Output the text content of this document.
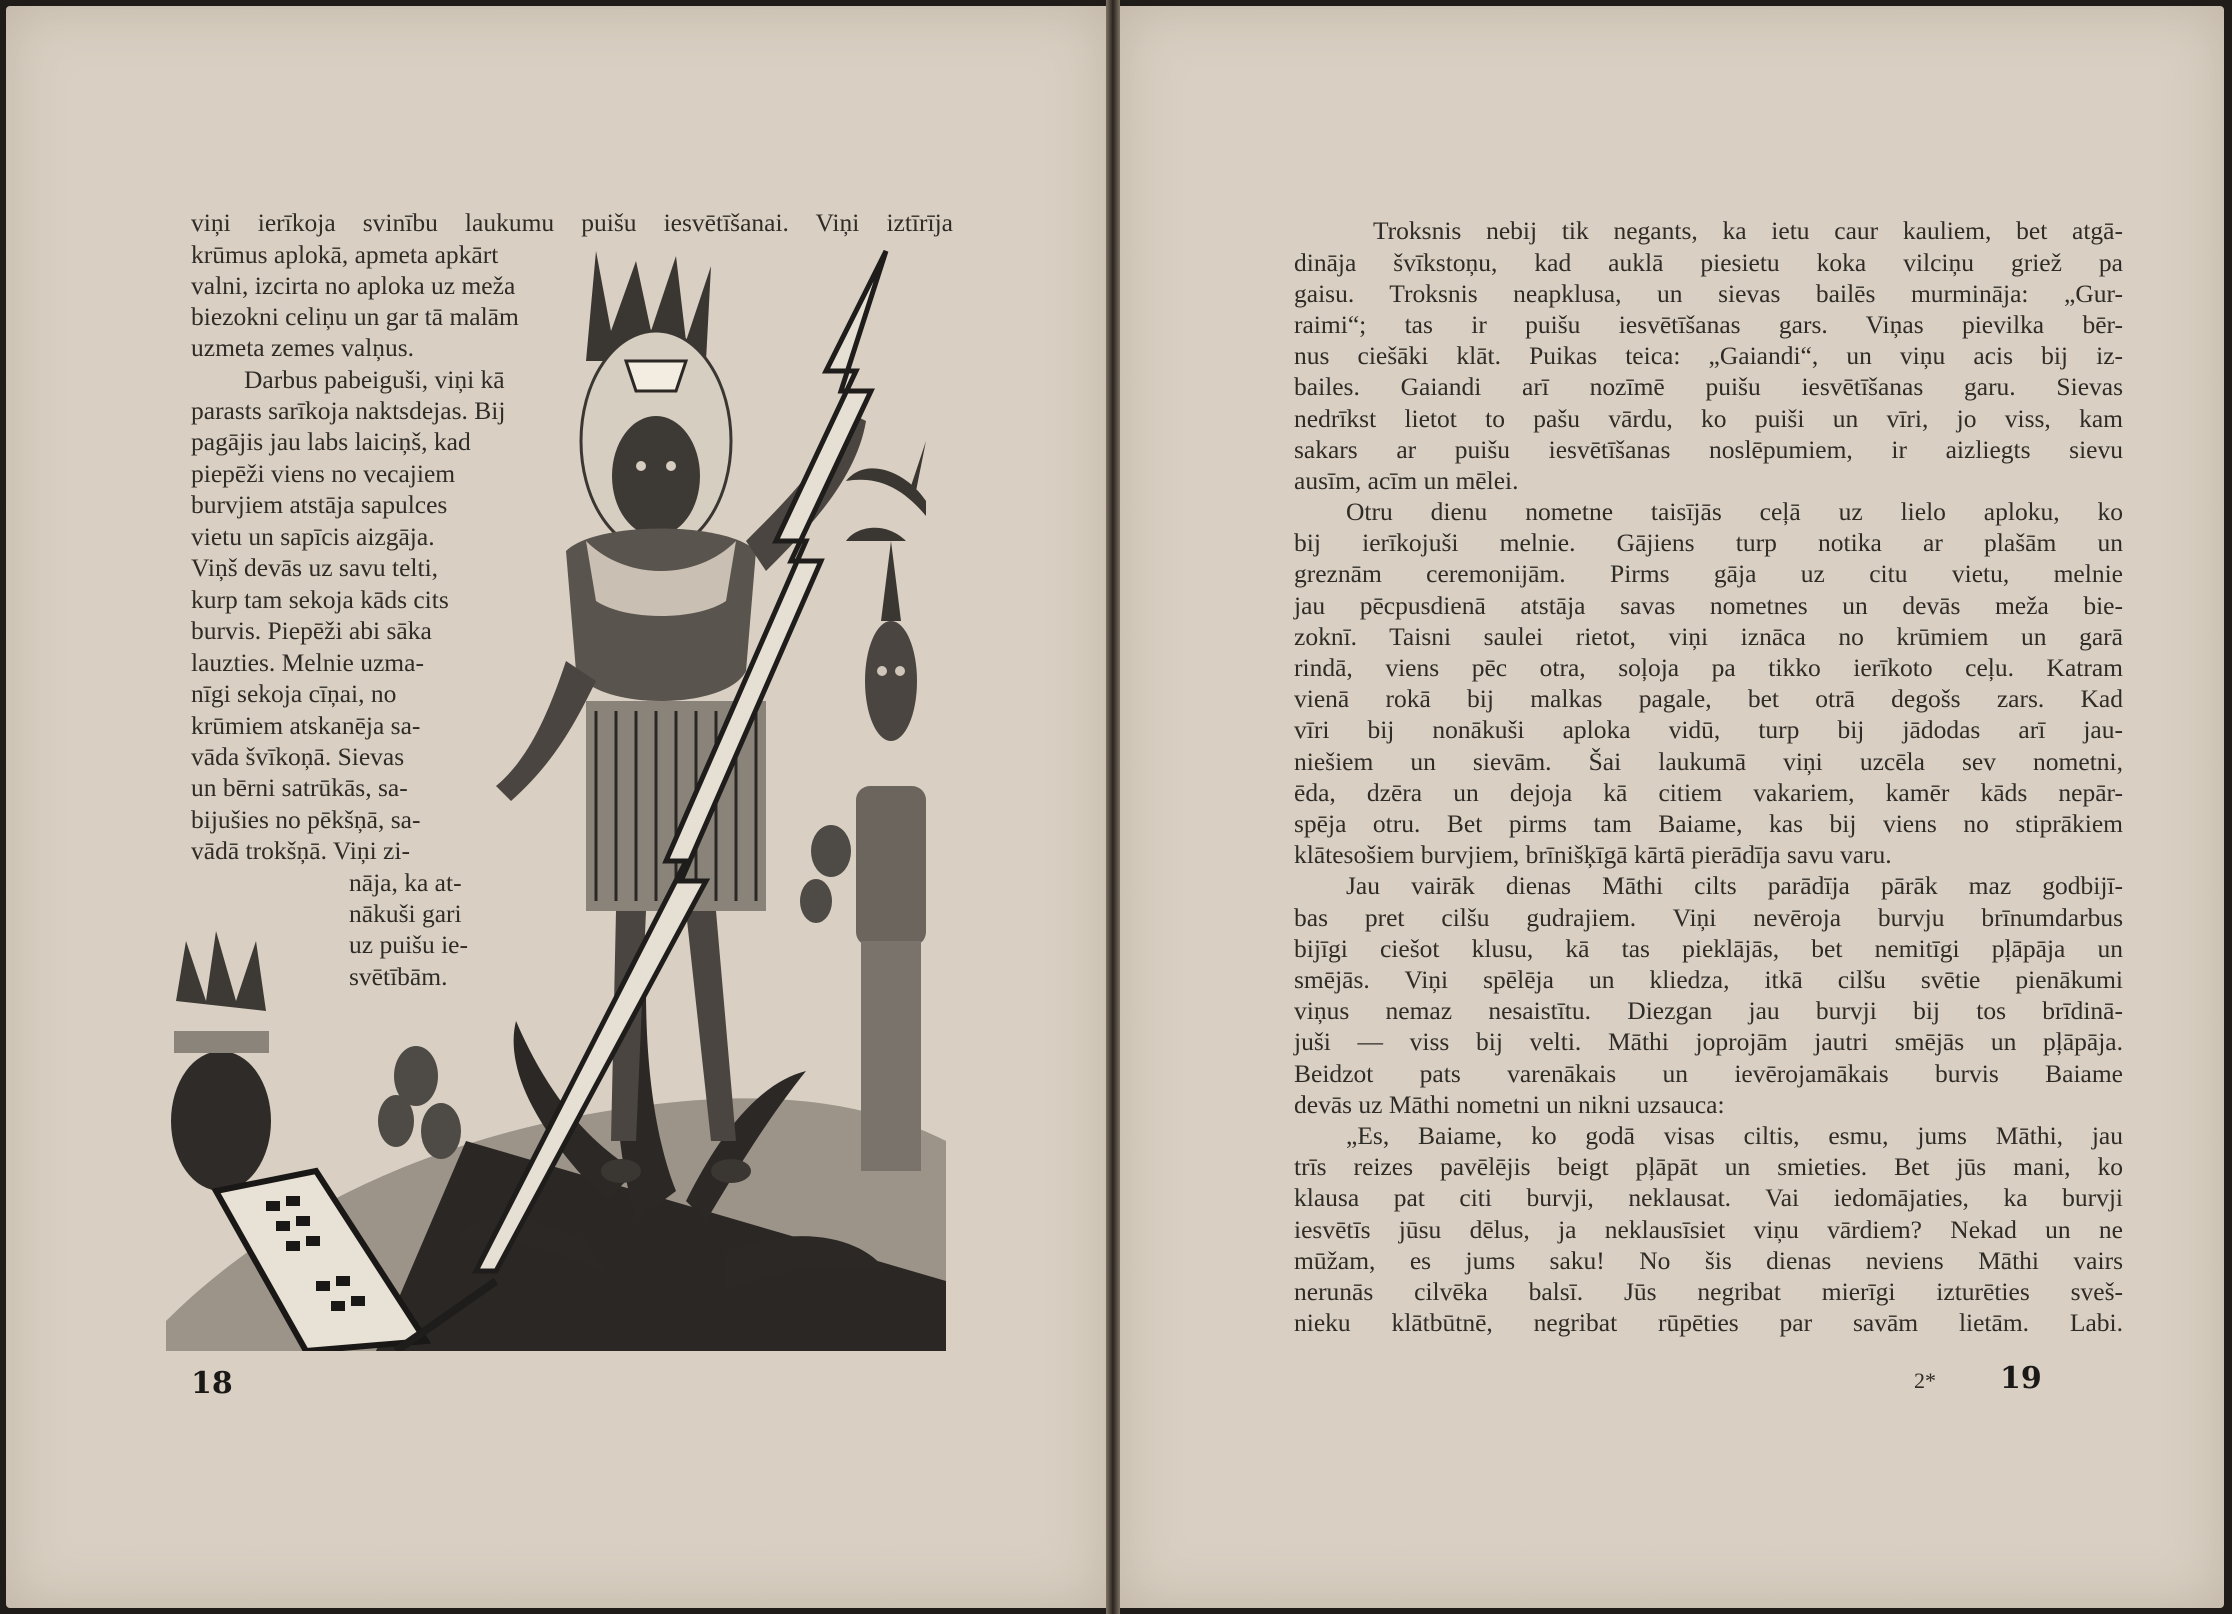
viņi ierīkoja svinību laukumu puišu iesvētīšanai. Viņi iztīrīja
krūmus aplokā, apmeta apkārt
valni, izcirta no aploka uz meža
biezokni celiņu un gar tā malām
uzmeta zemes valņus.
Darbus pabeiguši, viņi kā
parasts sarīkoja naktsdejas. Bij
pagājis jau labs laiciņš, kad
piepēži viens no vecajiem
burvjiem atstāja sapulces
vietu un sapīcis aizgāja.
Viņš devās uz savu telti,
kurp tam sekoja kāds cits
burvis. Piepēži abi sāka
lauzties. Melnie uzma-
nīgi sekoja cīņai, no
krūmiem atskanēja sa-
vāda švīkoņā. Sievas
un bērni satrūkās, sa-
bijušies no pēkšņā, sa-
vādā trokšņā. Viņi zi-
nāja, ka at-
nākuši gari
uz puišu ie-
svētībām.
18
Troksnis nebij tik negants, ka ietu caur kauliem, bet atgā-
dināja švīkstoņu, kad auklā piesietu koka vilciņu griež pa
gaisu. Troksnis neapklusa, un sievas bailēs murmināja: „Gur-
raimi“; tas ir puišu iesvētīšanas gars. Viņas pievilka bēr-
nus ciešāki klāt. Puikas teica: „Gaiandi“, un viņu acis bij iz-
bailes. Gaiandi arī nozīmē puišu iesvētīšanas garu. Sievas
nedrīkst lietot to pašu vārdu, ko puiši un vīri, jo viss, kam
sakars ar puišu iesvētīšanas noslēpumiem, ir aizliegts sievu
ausīm, acīm un mēlei.
Otru dienu nometne taisījās ceļā uz lielo aploku, ko
bij ierīkojuši melnie. Gājiens turp notika ar plašām un
greznām ceremonijām. Pirms gāja uz citu vietu, melnie
jau pēcpusdienā atstāja savas nometnes un devās meža bie-
zoknī. Taisni saulei rietot, viņi iznāca no krūmiem un garā
rindā, viens pēc otra, soļoja pa tikko ierīkoto ceļu. Katram
vienā rokā bij malkas pagale, bet otrā degošs zars. Kad
vīri bij nonākuši aploka vidū, turp bij jādodas arī jau-
niešiem un sievām. Šai laukumā viņi uzcēla sev nometni,
ēda, dzēra un dejoja kā citiem vakariem, kamēr kāds nepār-
spēja otru. Bet pirms tam Baiame, kas bij viens no stiprākiem
klātesošiem burvjiem, brīnišķīgā kārtā pierādīja savu varu.
Jau vairāk dienas Māthi cilts parādīja pārāk maz godbijī-
bas pret cilšu gudrajiem. Viņi nevēroja burvju brīnumdarbus
bijīgi ciešot klusu, kā tas pieklājās, bet nemitīgi pļāpāja un
smējās. Viņi spēlēja un kliedza, itkā cilšu svētie pienākumi
viņus nemaz nesaistītu. Diezgan jau burvji bij tos brīdinā-
juši — viss bij velti. Māthi joprojām jautri smējās un pļāpāja.
Beidzot pats varenākais un ievērojamākais burvis Baiame
devās uz Māthi nometni un nikni uzsauca:
„Es, Baiame, ko godā visas ciltis, esmu, jums Māthi, jau
trīs reizes pavēlējis beigt pļāpāt un smieties. Bet jūs mani, ko
klausa pat citi burvji, neklausat. Vai iedomājaties, ka burvji
iesvētīs jūsu dēlus, ja neklausīsiet viņu vārdiem? Nekad un ne
mūžam, es jums saku! No šis dienas neviens Māthi vairs
nerunās cilvēka balsī. Jūs negribat mierīgi izturēties sveš-
nieku klātbūtnē, negribat rūpēties par savām lietām. Labi.
2* 19
